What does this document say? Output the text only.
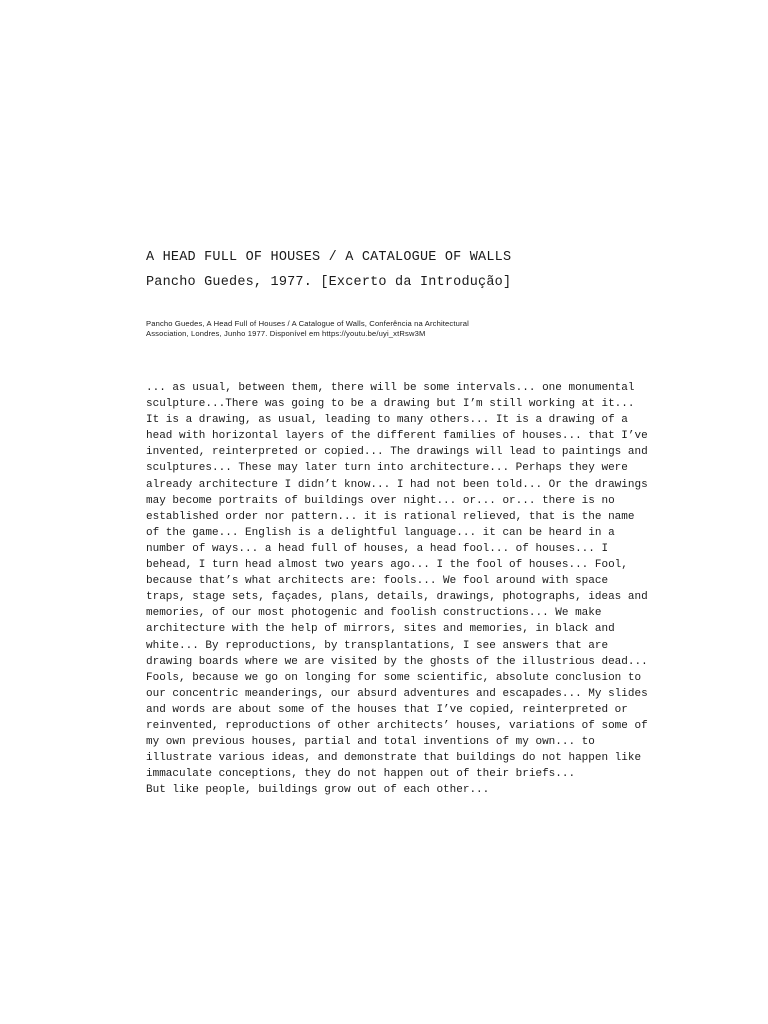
A HEAD FULL OF HOUSES / A CATALOGUE OF WALLS
Pancho Guedes, 1977. [Excerto da Introdução]

Pancho Guedes, A Head Full of Houses / A Catalogue of Walls, Conferência na Architectural
Association, Londres, Junho 1977. Disponível em https://youtu.be/uyi_xtRsw3M

... as usual, between them, there will be some intervals... one monumental
sculpture...There was going to be a drawing but I’m still working at it...
It is a drawing, as usual, leading to many others... It is a drawing of a
head with horizontal layers of the different families of houses... that I’ve
invented, reinterpreted or copied... The drawings will lead to paintings and
sculptures... These may later turn into architecture... Perhaps they were
already architecture I didn’t know... I had not been told... Or the drawings
may become portraits of buildings over night... or... or... there is no
established order nor pattern... it is rational relieved, that is the name
of the game... English is a delightful language... it can be heard in a
number of ways... a head full of houses, a head fool... of houses... I
behead, I turn head almost two years ago... I the fool of houses... Fool,
because that’s what architects are: fools... We fool around with space
traps, stage sets, façades, plans, details, drawings, photographs, ideas and
memories, of our most photogenic and foolish constructions... We make
architecture with the help of mirrors, sites and memories, in black and
white... By reproductions, by transplantations, I see answers that are
drawing boards where we are visited by the ghosts of the illustrious dead...
Fools, because we go on longing for some scientific, absolute conclusion to
our concentric meanderings, our absurd adventures and escapades... My slides
and words are about some of the houses that I’ve copied, reinterpreted or
reinvented, reproductions of other architects’ houses, variations of some of
my own previous houses, partial and total inventions of my own... to
illustrate various ideas, and demonstrate that buildings do not happen like
immaculate conceptions, they do not happen out of their briefs...
But like people, buildings grow out of each other...
